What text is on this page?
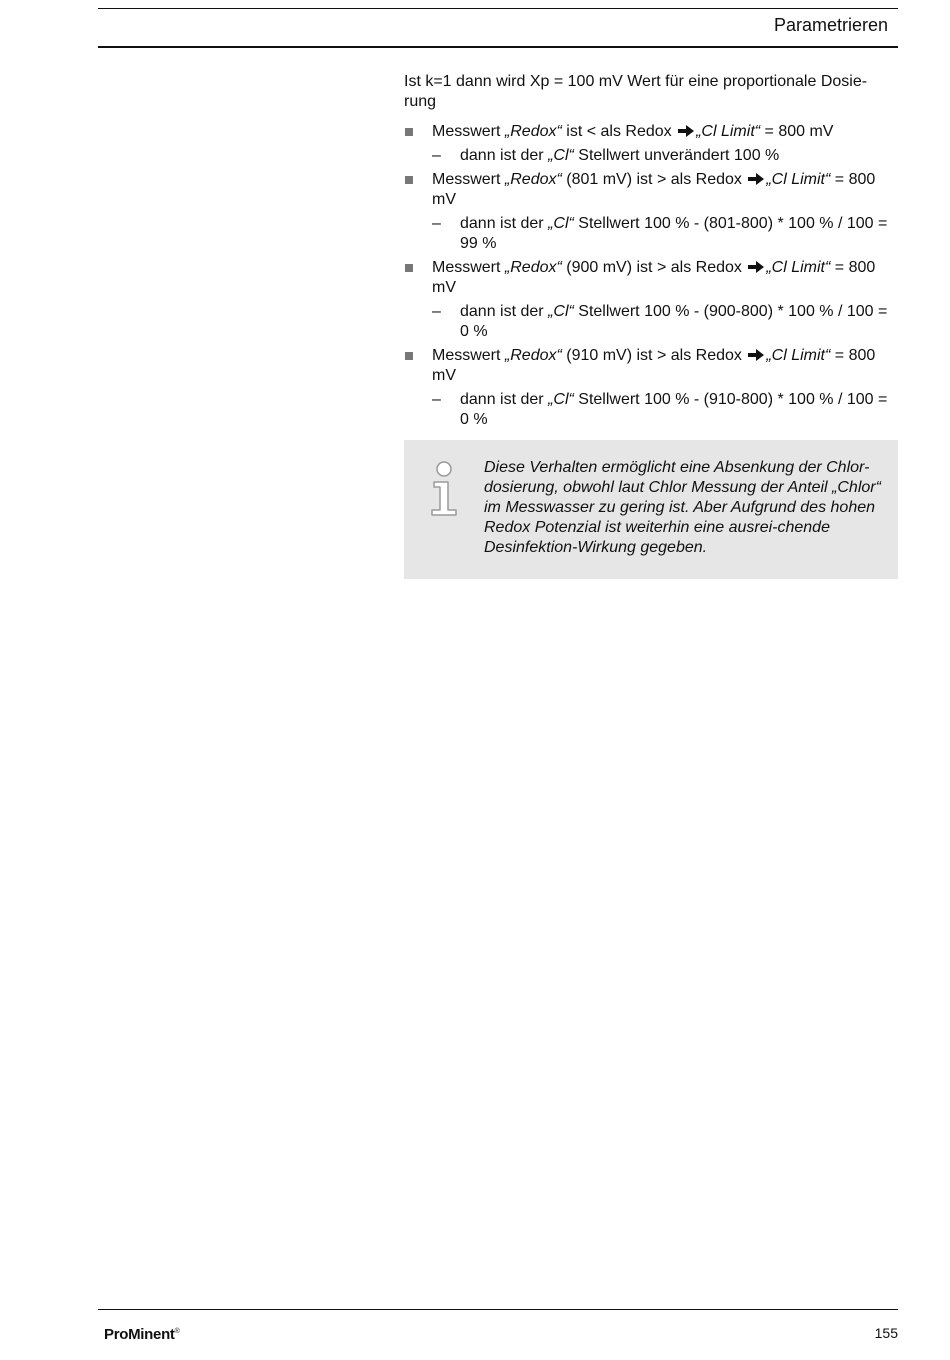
Parametrieren

Ist k=1 dann wird Xp = 100 mV Wert für eine proportionale Dosie-rung

Messwert „Redox“ ist < als Redox „Cl Limit“ = 800 mV
– dann ist der „Cl“ Stellwert unverändert 100 %
Messwert „Redox“ (801 mV) ist > als Redox „Cl Limit“ = 800 mV
– dann ist der „Cl“ Stellwert 100 % - (801-800) * 100 % / 100 = 99 %
Messwert „Redox“ (900 mV) ist > als Redox „Cl Limit“ = 800 mV
– dann ist der „Cl“ Stellwert 100 % - (900-800) * 100 % / 100 = 0 %
Messwert „Redox“ (910 mV) ist > als Redox „Cl Limit“ = 800 mV
– dann ist der „Cl“ Stellwert 100 % - (910-800) * 100 % / 100 = 0 %
Diese Verhalten ermöglicht eine Absenkung der Chlor-dosierung, obwohl laut Chlor Messung der Anteil „Chlor“ im Messwasser zu gering ist. Aber Aufgrund des hohen Redox Potenzial ist weiterhin eine ausrei-chende Desinfektion-Wirkung gegeben.
ProMinent®	155
